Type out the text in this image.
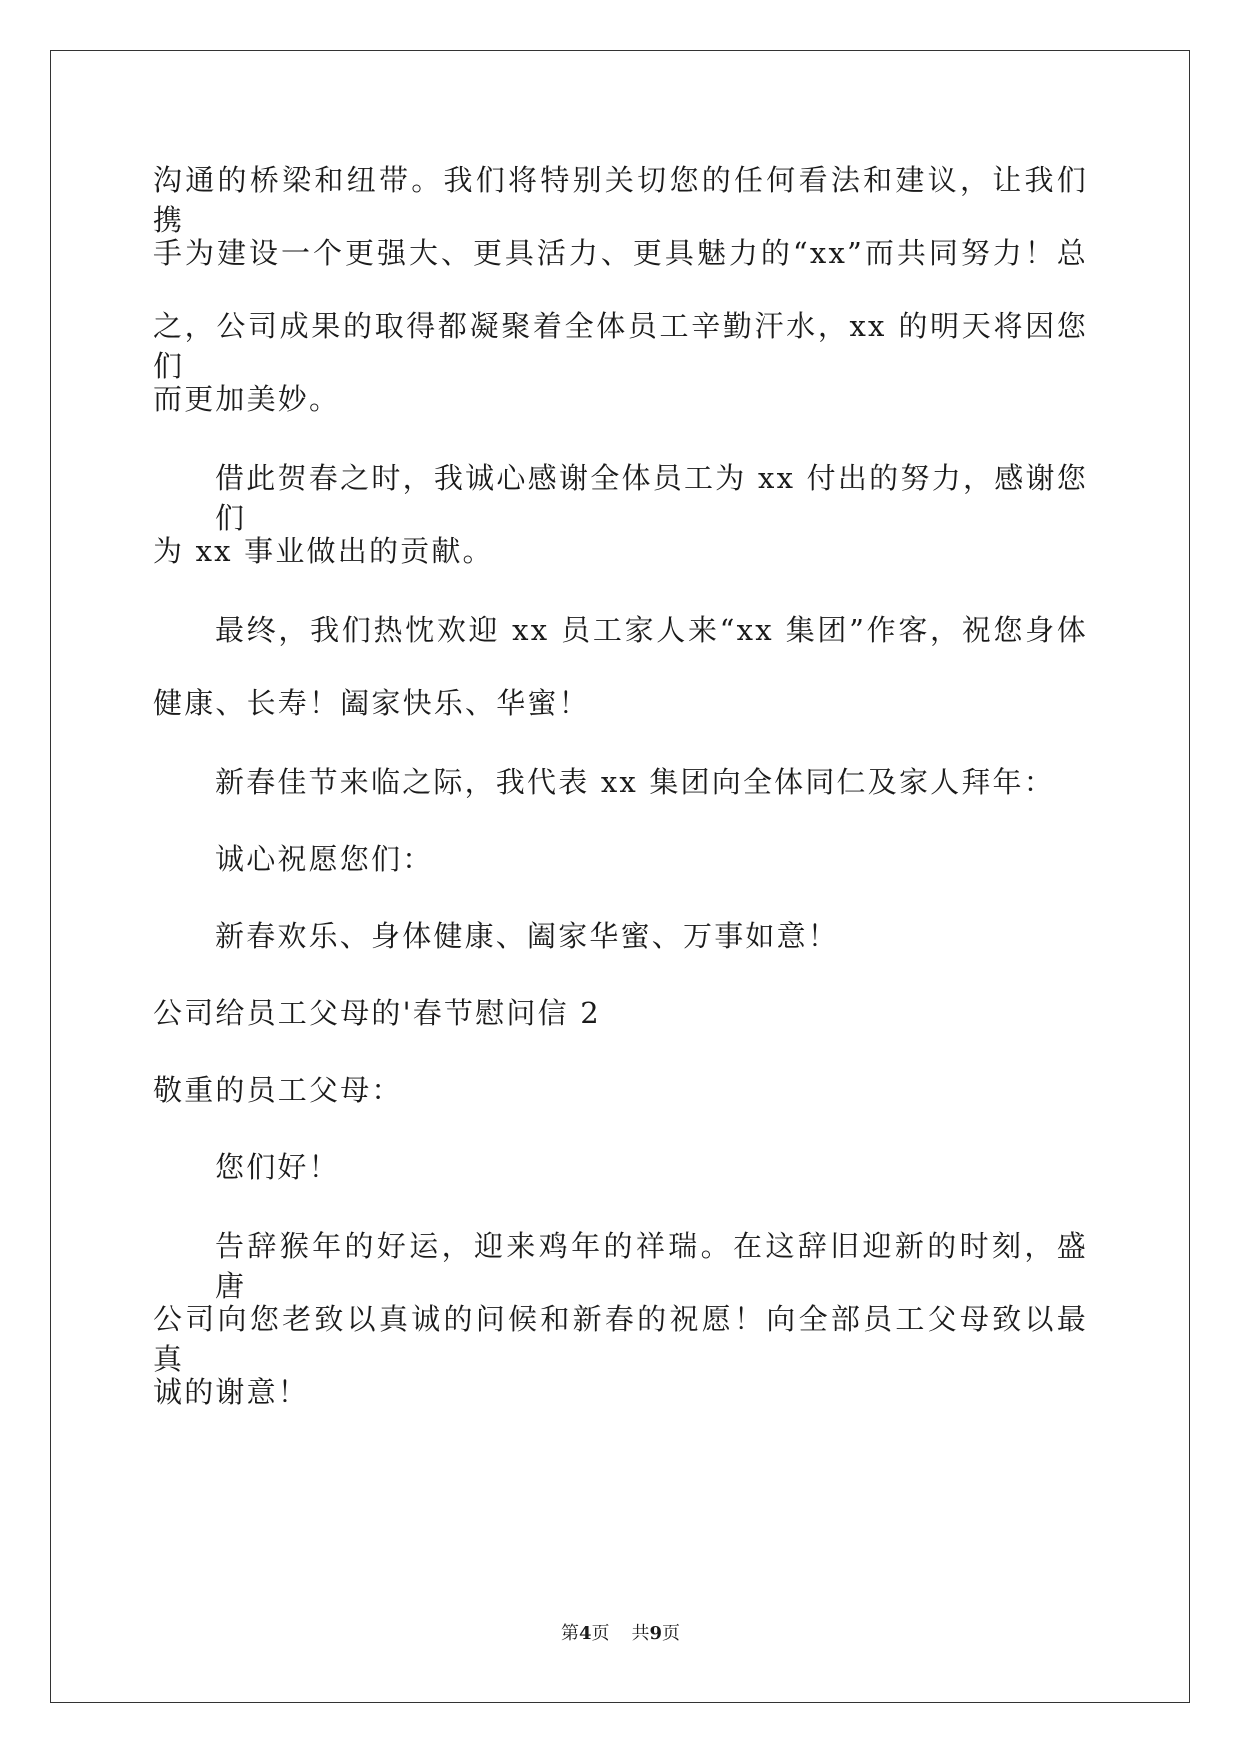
沟通的桥梁和纽带。我们将特别关切您的任何看法和建议，让我们携
手为建设一个更强大、更具活力、更具魅力的“xx”而共同努力！总
之，公司成果的取得都凝聚着全体员工辛勤汗水，xx 的明天将因您们
而更加美妙。
借此贺春之时，我诚心感谢全体员工为 xx 付出的努力，感谢您们
为 xx 事业做出的贡献。
最终，我们热忱欢迎 xx 员工家人来“xx 集团”作客，祝您身体
健康、长寿！阖家快乐、华蜜！
新春佳节来临之际，我代表 xx 集团向全体同仁及家人拜年：
诚心祝愿您们：
新春欢乐、身体健康、阖家华蜜、万事如意！
公司给员工父母的'春节慰问信 2
敬重的员工父母：
您们好！
告辞猴年的好运，迎来鸡年的祥瑞。在这辞旧迎新的时刻，盛唐
公司向您老致以真诚的问候和新春的祝愿！向全部员工父母致以最真
诚的谢意！
第4页 共9页
